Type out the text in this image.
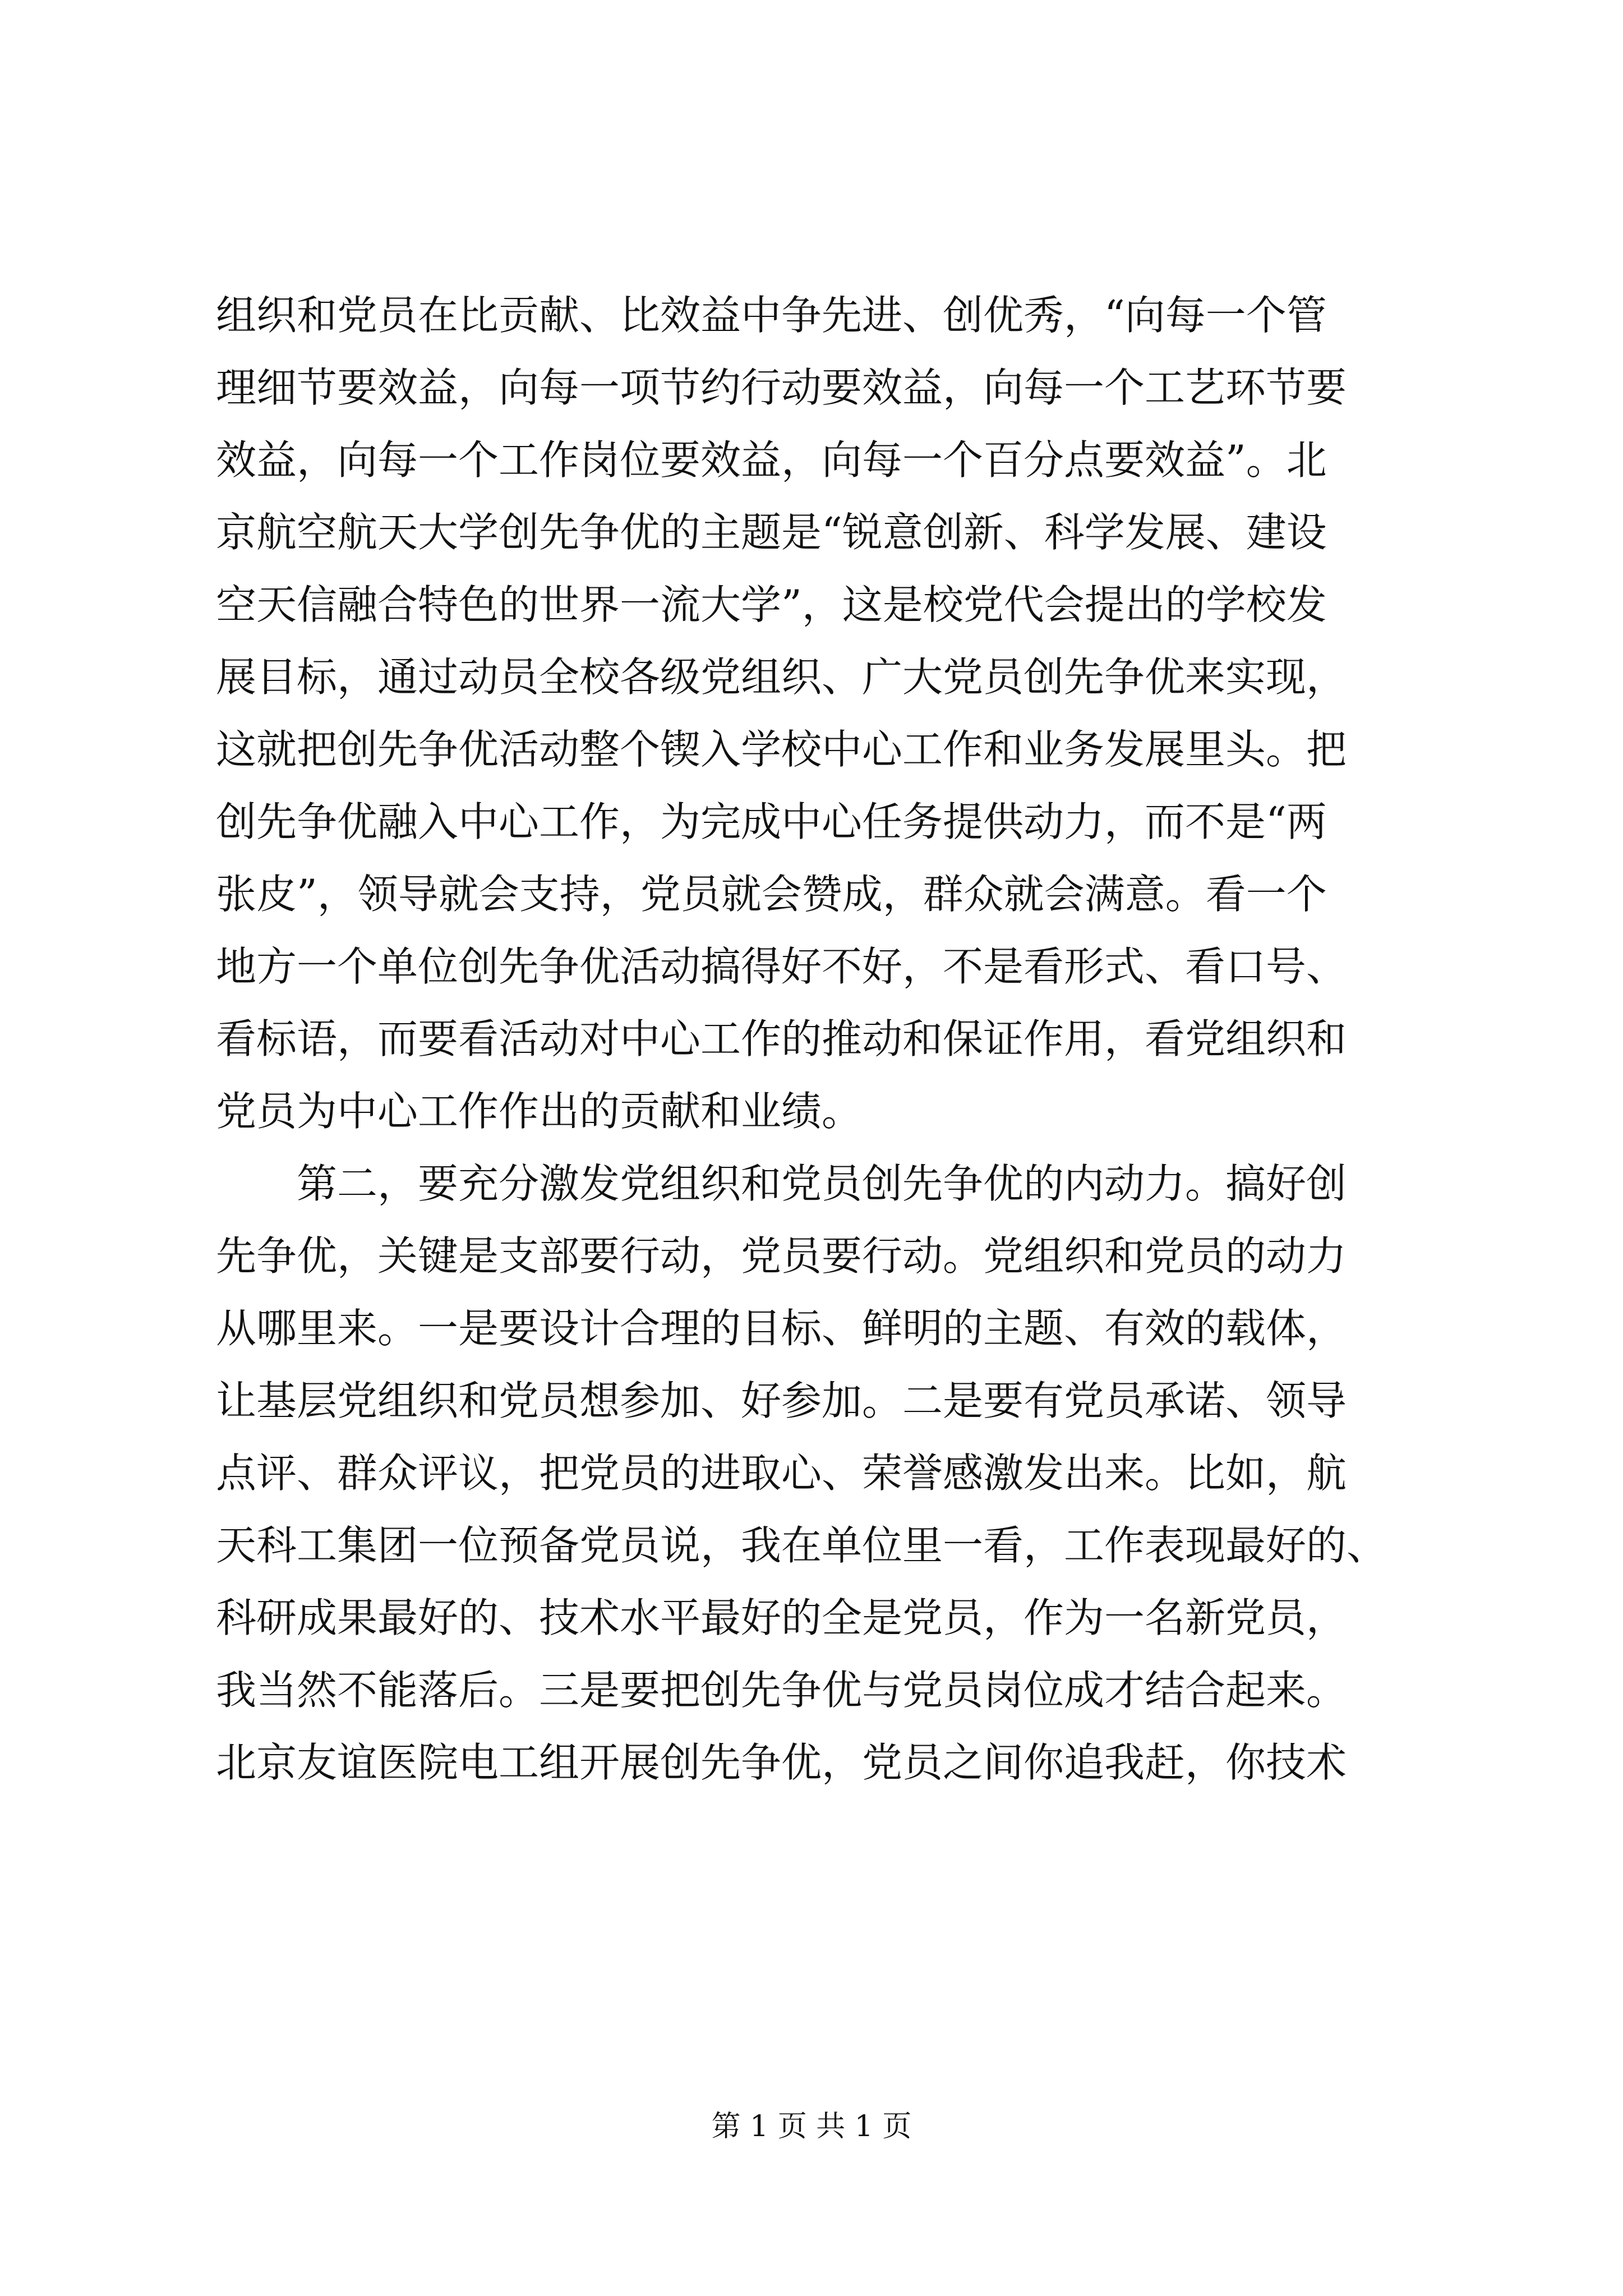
组织和党员在比贡献、比效益中争先进、创优秀，“向每一个管
理细节要效益，向每一项节约行动要效益，向每一个工艺环节要
效益，向每一个工作岗位要效益，向每一个百分点要效益”。北
京航空航天大学创先争优的主题是“锐意创新、科学发展、建设
空天信融合特色的世界一流大学”，这是校党代会提出的学校发
展目标，通过动员全校各级党组织、广大党员创先争优来实现，
这就把创先争优活动整个锲入学校中心工作和业务发展里头。把
创先争优融入中心工作，为完成中心任务提供动力，而不是“两
张皮”，领导就会支持，党员就会赞成，群众就会满意。看一个
地方一个单位创先争优活动搞得好不好，不是看形式、看口号、
看标语，而要看活动对中心工作的推动和保证作用，看党组织和
党员为中心工作作出的贡献和业绩。
　　第二，要充分激发党组织和党员创先争优的内动力。搞好创
先争优，关键是支部要行动，党员要行动。党组织和党员的动力
从哪里来。一是要设计合理的目标、鲜明的主题、有效的载体，
让基层党组织和党员想参加、好参加。二是要有党员承诺、领导
点评、群众评议，把党员的进取心、荣誉感激发出来。比如，航
天科工集团一位预备党员说，我在单位里一看，工作表现最好的、
科研成果最好的、技术水平最好的全是党员，作为一名新党员，
我当然不能落后。三是要把创先争优与党员岗位成才结合起来。
北京友谊医院电工组开展创先争优，党员之间你追我赶，你技术
第 1 页 共 1 页
